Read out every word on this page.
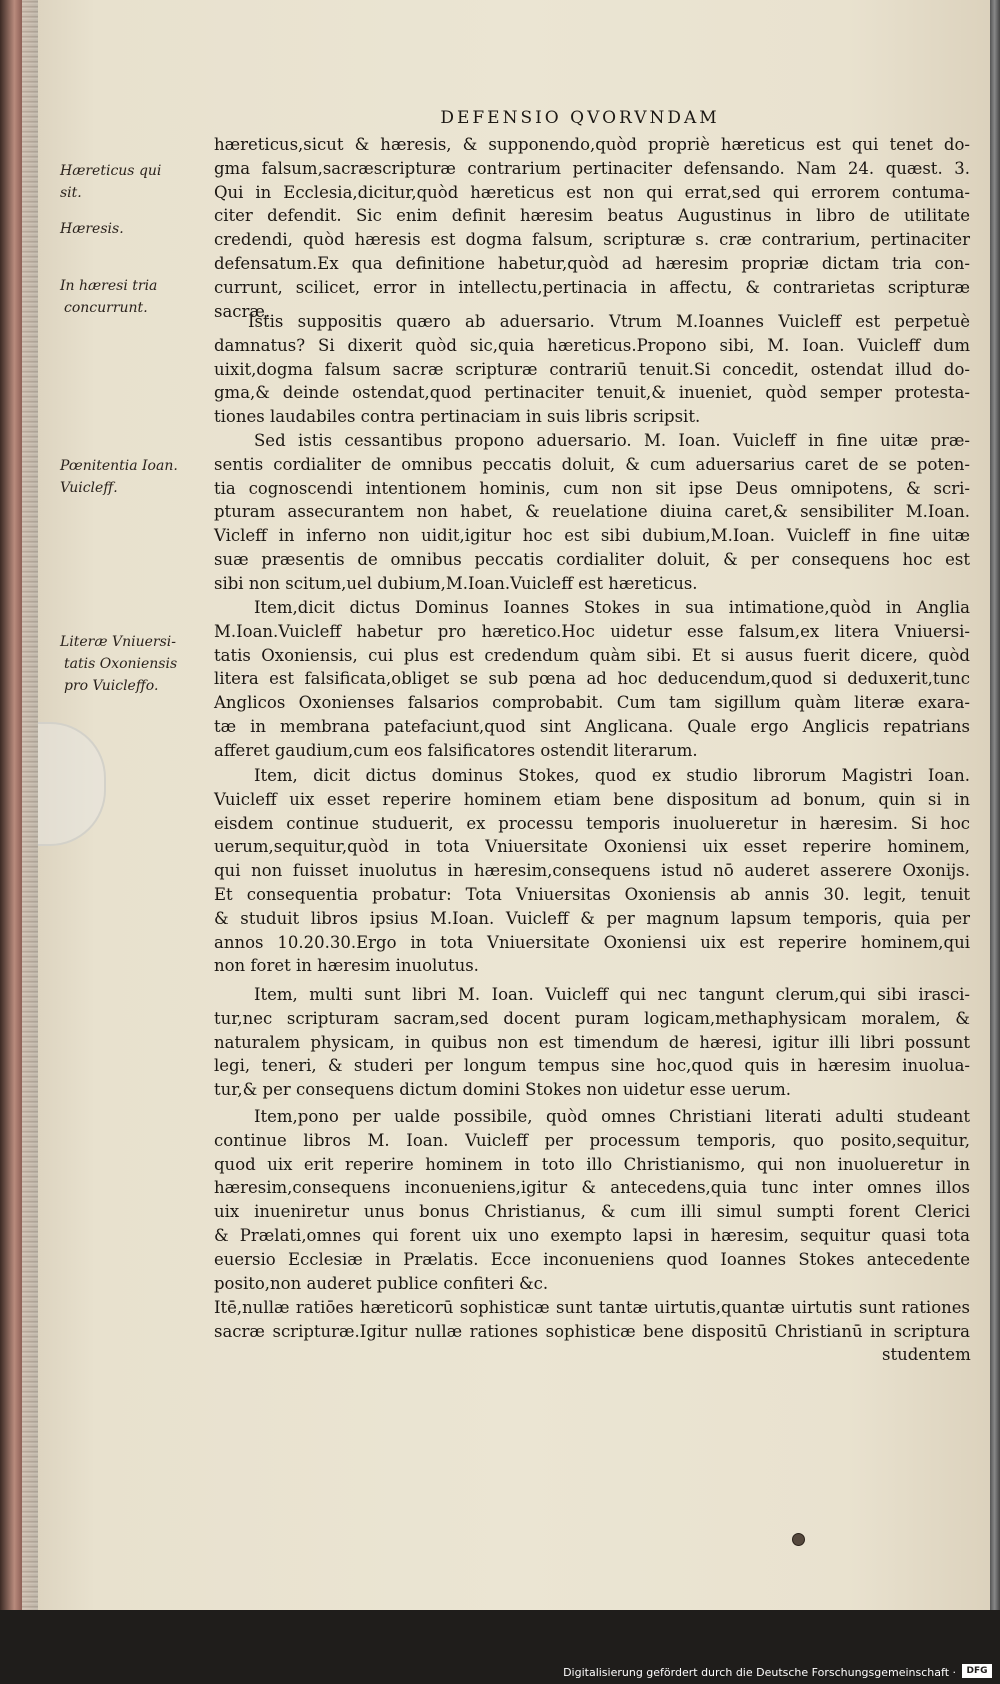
DEFENSIO QVORVNDAM
Hæreticus qui
sit.
Hæresis.
In hæresi tria
concurrunt.
Pœnitentia Ioan.
Vuicleff.
Literæ Vniuersi-
tatis Oxoniensis
pro Vuicleffo.
hæreticus,sicut & hæresis, & supponendo,quòd propriè hæreticus est qui tenet do-
gma falsum,sacræscripturæ contrarium pertinaciter defensando. Nam 24. quæst. 3.
Qui in Ecclesia,dicitur,quòd hæreticus est non qui errat,sed qui errorem contuma-
citer defendit. Sic enim definit hæresim beatus Augustinus in libro de utilitate
credendi, quòd hæresis est dogma falsum, scripturæ s. cræ contrarium, pertinaciter
defensatum.Ex qua definitione habetur,quòd ad hæresim propriæ dictam tria con-
currunt, scilicet, error in intellectu,pertinacia in affectu, & contrarietas scripturæ
sacræ.
Istis suppositis quæro ab aduersario. Vtrum M.Ioannes Vuicleff est perpetuè
damnatus? Si dixerit quòd sic,quia hæreticus.Propono sibi, M. Ioan. Vuicleff dum
uixit,dogma falsum sacræ scripturæ contrariū tenuit.Si concedit, ostendat illud do-
gma,& deinde ostendat,quod pertinaciter tenuit,& inueniet, quòd semper protesta-
tiones laudabiles contra pertinaciam in suis libris scripsit.
Sed istis cessantibus propono aduersario. M. Ioan. Vuicleff in fine uitæ præ-
sentis cordialiter de omnibus peccatis doluit, & cum aduersarius caret de se poten-
tia cognoscendi intentionem hominis, cum non sit ipse Deus omnipotens, & scri-
pturam assecurantem non habet, & reuelatione diuina caret,& sensibiliter M.Ioan.
Vicleff in inferno non uidit,igitur hoc est sibi dubium,M.Ioan. Vuicleff in fine uitæ
suæ præsentis de omnibus peccatis cordialiter doluit, & per consequens hoc est
sibi non scitum,uel dubium,M.Ioan.Vuicleff est hæreticus.
Item,dicit dictus Dominus Ioannes Stokes in sua intimatione,quòd in Anglia
M.Ioan.Vuicleff habetur pro hæretico.Hoc uidetur esse falsum,ex litera Vniuersi-
tatis Oxoniensis, cui plus est credendum quàm sibi. Et si ausus fuerit dicere, quòd
litera est falsificata,obliget se sub pœna ad hoc deducendum,quod si deduxerit,tunc
Anglicos Oxonienses falsarios comprobabit. Cum tam sigillum quàm literæ exara-
tæ in membrana patefaciunt,quod sint Anglicana. Quale ergo Anglicis repatrians
afferet gaudium,cum eos falsificatores ostendit literarum.
Item, dicit dictus dominus Stokes, quod ex studio librorum Magistri Ioan.
Vuicleff uix esset reperire hominem etiam bene dispositum ad bonum, quin si in
eisdem continue studuerit, ex processu temporis inuolueretur in hæresim. Si hoc
uerum,sequitur,quòd in tota Vniuersitate Oxoniensi uix esset reperire hominem,
qui non fuisset inuolutus in hæresim,consequens istud nō auderet asserere Oxonijs.
Et consequentia probatur: Tota Vniuersitas Oxoniensis ab annis 30. legit, tenuit
& studuit libros ipsius M.Ioan. Vuicleff & per magnum lapsum temporis, quia per
annos 10.20.30.Ergo in tota Vniuersitate Oxoniensi uix est reperire hominem,qui
non foret in hæresim inuolutus.
Item, multi sunt libri M. Ioan. Vuicleff qui nec tangunt clerum,qui sibi irasci-
tur,nec scripturam sacram,sed docent puram logicam,methaphysicam moralem, &
naturalem physicam, in quibus non est timendum de hæresi, igitur illi libri possunt
legi, teneri, & studeri per longum tempus sine hoc,quod quis in hæresim inuolua-
tur,& per consequens dictum domini Stokes non uidetur esse uerum.
Item,pono per ualde possibile, quòd omnes Christiani literati adulti studeant
continue libros M. Ioan. Vuicleff per processum temporis, quo posito,sequitur,
quod uix erit reperire hominem in toto illo Christianismo, qui non inuolueretur in
hæresim,consequens inconueniens,igitur & antecedens,quia tunc inter omnes illos
uix inueniretur unus bonus Christianus, & cum illi simul sumpti forent Clerici
& Prælati,omnes qui forent uix uno exempto lapsi in hæresim, sequitur quasi tota
euersio Ecclesiæ in Prælatis. Ecce inconueniens quod Ioannes Stokes antecedente
posito,non auderet publice confiteri &c.
Itē,nullæ ratiōes hæreticorū sophisticæ sunt tantæ uirtutis,quantæ uirtutis sunt rationes
sacræ scripturæ.Igitur nullæ rationes sophisticæ bene dispositū Christianū in scriptura
Digitalisierung gefördert durch die Deutsche Forschungsgemeinschaft ·	DFG
studentem
